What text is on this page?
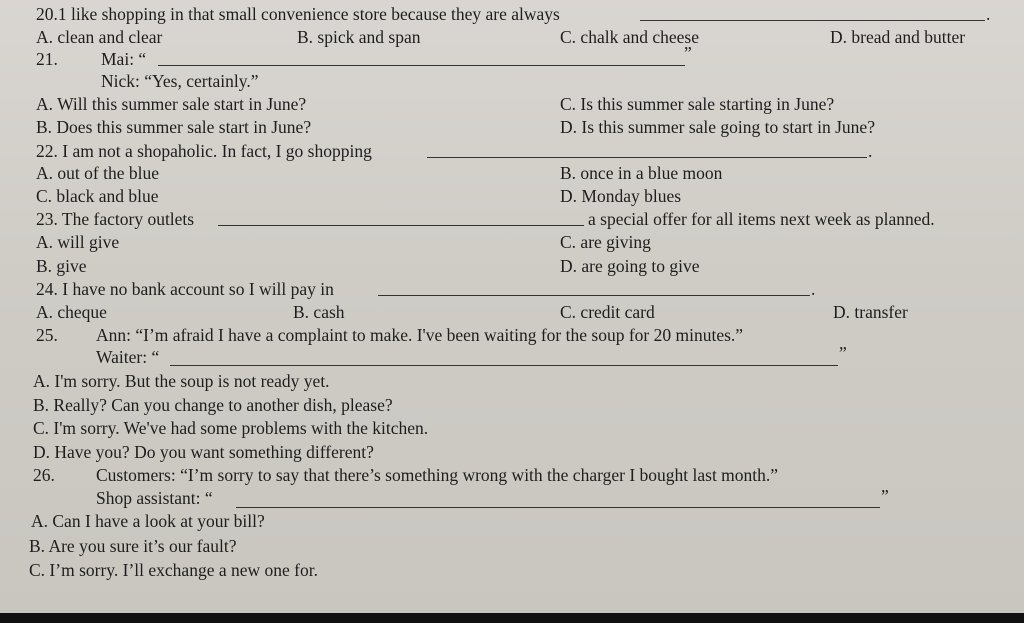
20.1 like shopping in that small convenience store because they are always	.
A. clean and clear	B. spick and span	C. chalk and cheese	D. bread and butter
21. Mai: “	”
Nick: “Yes, certainly.”
A. Will this summer sale start in June?	C. Is this summer sale starting in June?
B. Does this summer sale start in June?	D. Is this summer sale going to start in June?
22. I am not a shopaholic. In fact, I go shopping	.
A. out of the blue	B. once in a blue moon
C. black and blue	D. Monday blues
23. The factory outlets	a special offer for all items next week as planned.
A. will give	C. are giving
B. give	D. are going to give
24. I have no bank account so I will pay in	.
A. cheque	B. cash	C. credit card	D. transfer
25. Ann: “I’m afraid I have a complaint to make. I've been waiting for the soup for 20 minutes.”
Waiter: “	”
A. I'm sorry. But the soup is not ready yet.
B. Really? Can you change to another dish, please?
C. I'm sorry. We've had some problems with the kitchen.
D. Have you? Do you want something different?
26. Customers: “I’m sorry to say that there’s something wrong with the charger I bought last month.”
Shop assistant: “	”
A. Can I have a look at your bill?
B. Are you sure it’s our fault?
C. I’m sorry. I’ll exchange a new one for.
